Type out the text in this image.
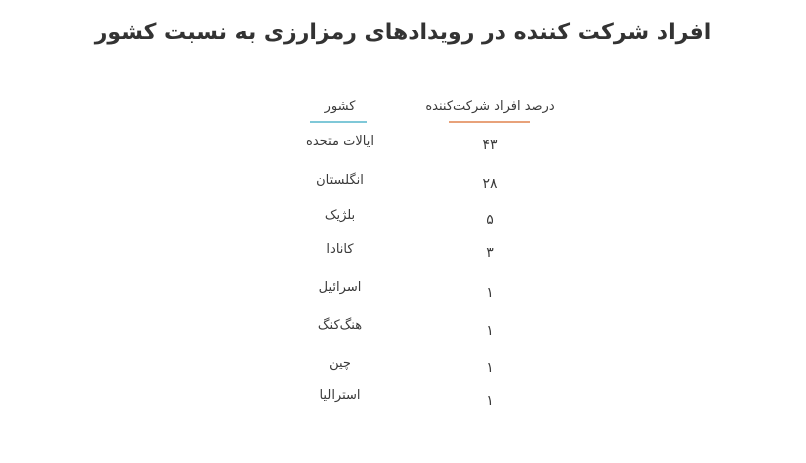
افراد شرکت کننده در رویدادهای رمزارزی به نسبت کشور
کشور	درصد افراد شرکت‌کننده
ایالات متحده	۴۳
انگلستان	۲۸
بلژیک	۵
کانادا	۳
اسرائیل	۱
هنگ‌کنگ	۱
چین	۱
استرالیا	۱
